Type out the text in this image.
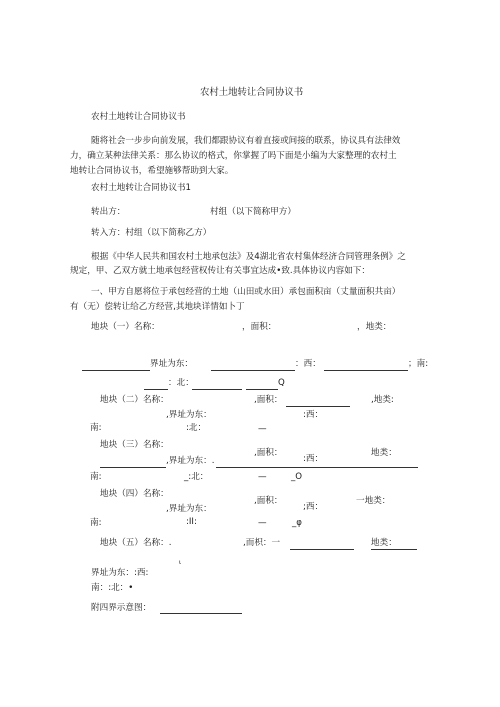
农村土地转让合同协议书
农村土地转让合同协议书
随将社会一步步向前发展，我们都跟协议有着直接或间接的联系，协议具有法律效
力，确立某种法律关系：那么协议的格式，你掌握了吗下面是小编为大家整理的农村土
地转让合同协议书，希望施够帮助到大家。
农村土地转让合同协议书1
转出方：	村组（以下简称甲方）
转入方：村组（以下简称乙方）
根据《中华人民共和国农村土地承包法》及4湖北省农村集体经济合同管理条例》之
规定，甲、乙双方就土地承包经营权传让有关事宜达成•致.具体协议内容如下：
一、甲方自愿将位于承包经营的土地（山田或水田）承包面积亩（丈量面积共亩）
有（无）偿转让给乙方经营,其地块详情如卜丁
地块（一）名称：	，面积：	，地类：
界址为东：	：西：	；南:
：北：	Q
地块（二）名称：	,面积：	,地类:
,界址为东：	:西：
南:	:北：	—
地块（三）名称：
,面积：	地类：
,界址为东：.	:西：
南:	_:北：	—	_O
地块（四）名称：
,面积：	一地类：
,界址为东：	;西：
南:	:ΙI:	—	_φ
地块（五）名称：.	,而枳：一	地类：
ι
界址为东：:西:
南：:北：•
附四界示意图：
